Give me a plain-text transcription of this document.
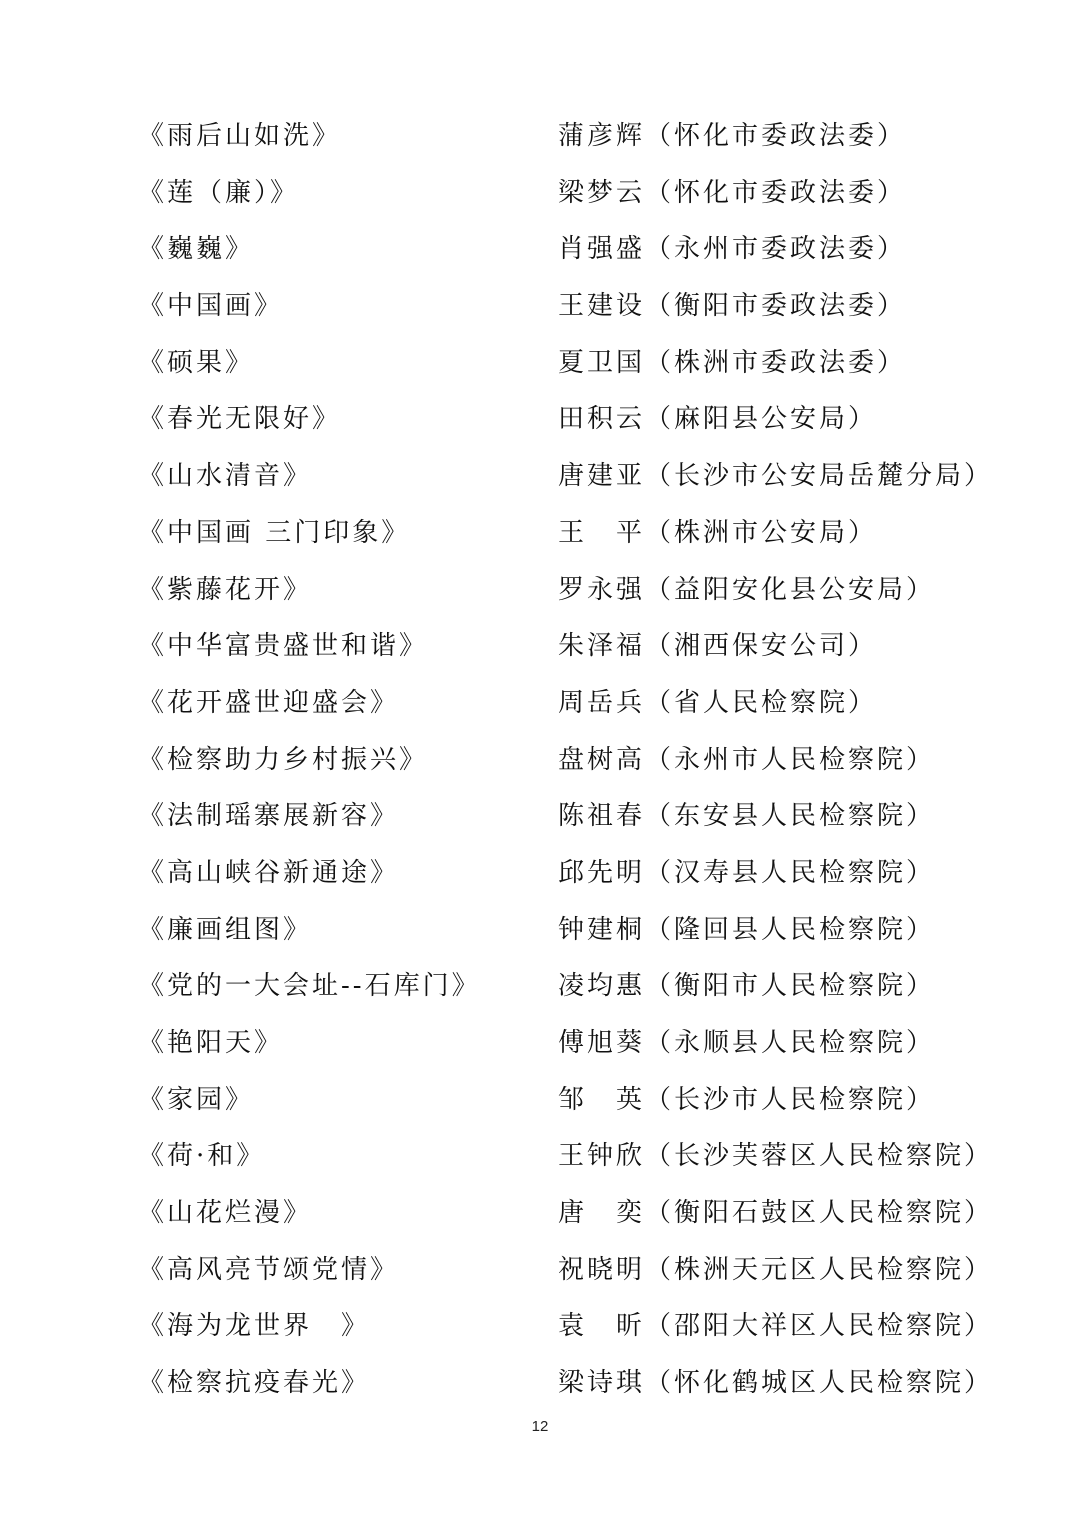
《雨后山如洗》	蒲彦辉（怀化市委政法委）
《莲（廉）》	梁梦云（怀化市委政法委）
《巍巍》	肖强盛（永州市委政法委）
《中国画》	王建设（衡阳市委政法委）
《硕果》	夏卫国（株洲市委政法委）
《春光无限好》	田积云（麻阳县公安局）
《山水清音》	唐建亚（长沙市公安局岳麓分局）
《中国画 三门印象》	王　平（株洲市公安局）
《紫藤花开》	罗永强（益阳安化县公安局）
《中华富贵盛世和谐》	朱泽福（湘西保安公司）
《花开盛世迎盛会》	周岳兵（省人民检察院）
《检察助力乡村振兴》	盘树高（永州市人民检察院）
《法制瑶寨展新容》	陈祖春（东安县人民检察院）
《高山峡谷新通途》	邱先明（汉寿县人民检察院）
《廉画组图》	钟建桐（隆回县人民检察院）
《党的一大会址--石库门》	凌均惠（衡阳市人民检察院）
《艳阳天》	傅旭葵（永顺县人民检察院）
《家园》	邹　英（长沙市人民检察院）
《荷·和》	王钟欣（长沙芙蓉区人民检察院）
《山花烂漫》	唐　奕（衡阳石鼓区人民检察院）
《高风亮节颂党情》	祝晓明（株洲天元区人民检察院）
《海为龙世界　》	袁　昕（邵阳大祥区人民检察院）
《检察抗疫春光》	梁诗琪（怀化鹤城区人民检察院）
12
